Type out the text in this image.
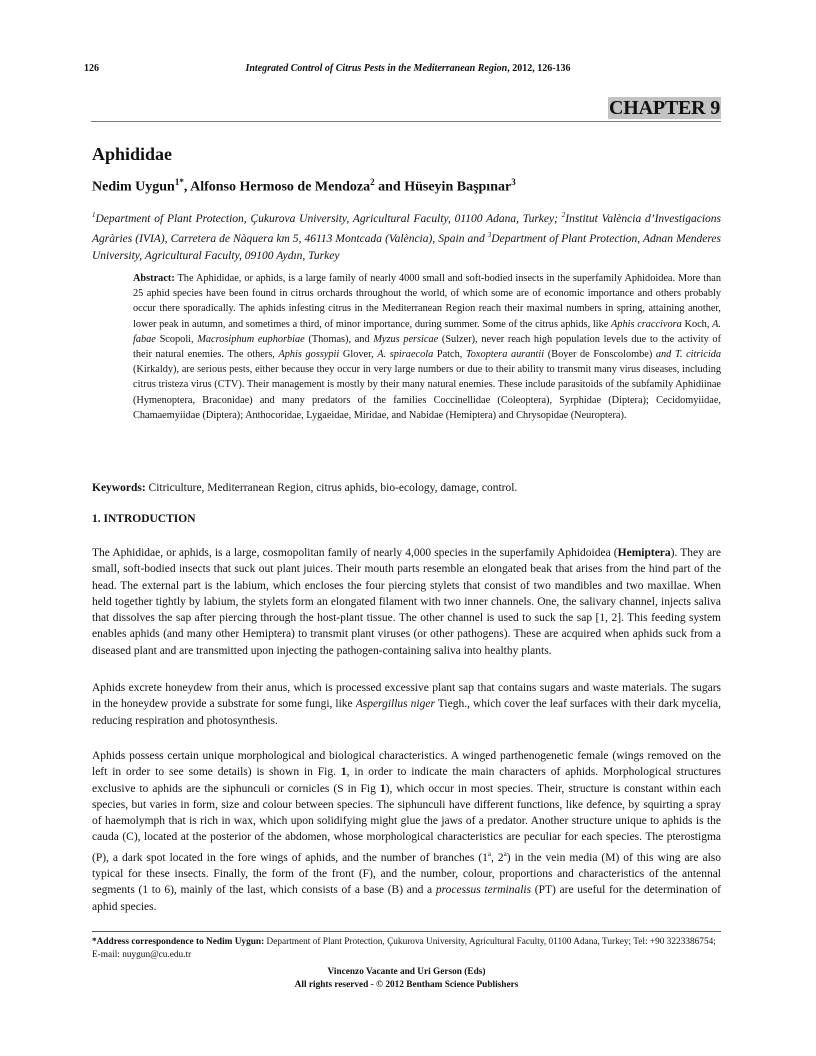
126	Integrated Control of Citrus Pests in the Mediterranean Region, 2012, 126-136
CHAPTER 9
Aphididae
Nedim Uygun$^{1*}$, Alfonso Hermoso de Mendoza$^2$ and Hüseyin Başpınar$^3$
$^1$Department of Plant Protection, Çukurova University, Agricultural Faculty, 01100 Adana, Turkey; $^2$Institut València d’Investigacions Agràries (IVIA), Carretera de Nàquera km 5, 46113 Montcada (València), Spain and $^3$Department of Plant Protection, Adnan Menderes University, Agricultural Faculty, 09100 Aydın, Turkey
Abstract: The Aphididae, or aphids, is a large family of nearly 4000 small and soft-bodied insects in the superfamily Aphidoidea. More than 25 aphid species have been found in citrus orchards throughout the world, of which some are of economic importance and others probably occur there sporadically. The aphids infesting citrus in the Mediterranean Region reach their maximal numbers in spring, attaining another, lower peak in autumn, and sometimes a third, of minor importance, during summer. Some of the citrus aphids, like Aphis craccivora Koch, A. fabae Scopoli, Macrosiphum euphorbiae (Thomas), and Myzus persicae (Sulzer), never reach high population levels due to the activity of their natural enemies. The others, Aphis gossypii Glover, A. spiraecola Patch, Toxoptera aurantii (Boyer de Fonscolombe) and T. citricida (Kirkaldy), are serious pests, either because they occur in very large numbers or due to their ability to transmit many virus diseases, including citrus tristeza virus (CTV). Their management is mostly by their many natural enemies. These include parasitoids of the subfamily Aphidiinae (Hymenoptera, Braconidae) and many predators of the families Coccinellidae (Coleoptera), Syrphidae (Diptera); Cecidomyiidae, Chamaemyiidae (Diptera); Anthocoridae, Lygaeidae, Miridae, and Nabidae (Hemiptera) and Chrysopidae (Neuroptera).
Keywords: Citriculture, Mediterranean Region, citrus aphids, bio-ecology, damage, control.
1. INTRODUCTION
The Aphididae, or aphids, is a large, cosmopolitan family of nearly 4,000 species in the superfamily Aphidoidea (Hemiptera). They are small, soft-bodied insects that suck out plant juices. Their mouth parts resemble an elongated beak that arises from the hind part of the head. The external part is the labium, which encloses the four piercing stylets that consist of two mandibles and two maxillae. When held together tightly by labium, the stylets form an elongated filament with two inner channels. One, the salivary channel, injects saliva that dissolves the sap after piercing through the host-plant tissue. The other channel is used to suck the sap [1, 2]. This feeding system enables aphids (and many other Hemiptera) to transmit plant viruses (or other pathogens). These are acquired when aphids suck from a diseased plant and are transmitted upon injecting the pathogen-containing saliva into healthy plants.
Aphids excrete honeydew from their anus, which is processed excessive plant sap that contains sugars and waste materials. The sugars in the honeydew provide a substrate for some fungi, like Aspergillus niger Tiegh., which cover the leaf surfaces with their dark mycelia, reducing respiration and photosynthesis.
Aphids possess certain unique morphological and biological characteristics. A winged parthenogenetic female (wings removed on the left in order to see some details) is shown in Fig. 1, in order to indicate the main characters of aphids. Morphological structures exclusive to aphids are the siphunculi or cornicles (S in Fig 1), which occur in most species. Their, structure is constant within each species, but varies in form, size and colour between species. The siphunculi have different functions, like defence, by squirting a spray of haemolymph that is rich in wax, which upon solidifying might glue the jaws of a predator. Another structure unique to aphids is the cauda (C), located at the posterior of the abdomen, whose morphological characteristics are peculiar for each species. The pterostigma (P), a dark spot located in the fore wings of aphids, and the number of branches (1$^a$, 2$^a$) in the vein media (M) of this wing are also typical for these insects. Finally, the form of the front (F), and the number, colour, proportions and characteristics of the antennal segments (1 to 6), mainly of the last, which consists of a base (B) and a processus terminalis (PT) are useful for the determination of aphid species.
*Address correspondence to Nedim Uygun: Department of Plant Protection, Çukurova University, Agricultural Faculty, 01100 Adana, Turkey; Tel: +90 3223386754; E-mail: nuygun@cu.edu.tr
Vincenzo Vacante and Uri Gerson (Eds)
All rights reserved - © 2012 Bentham Science Publishers
